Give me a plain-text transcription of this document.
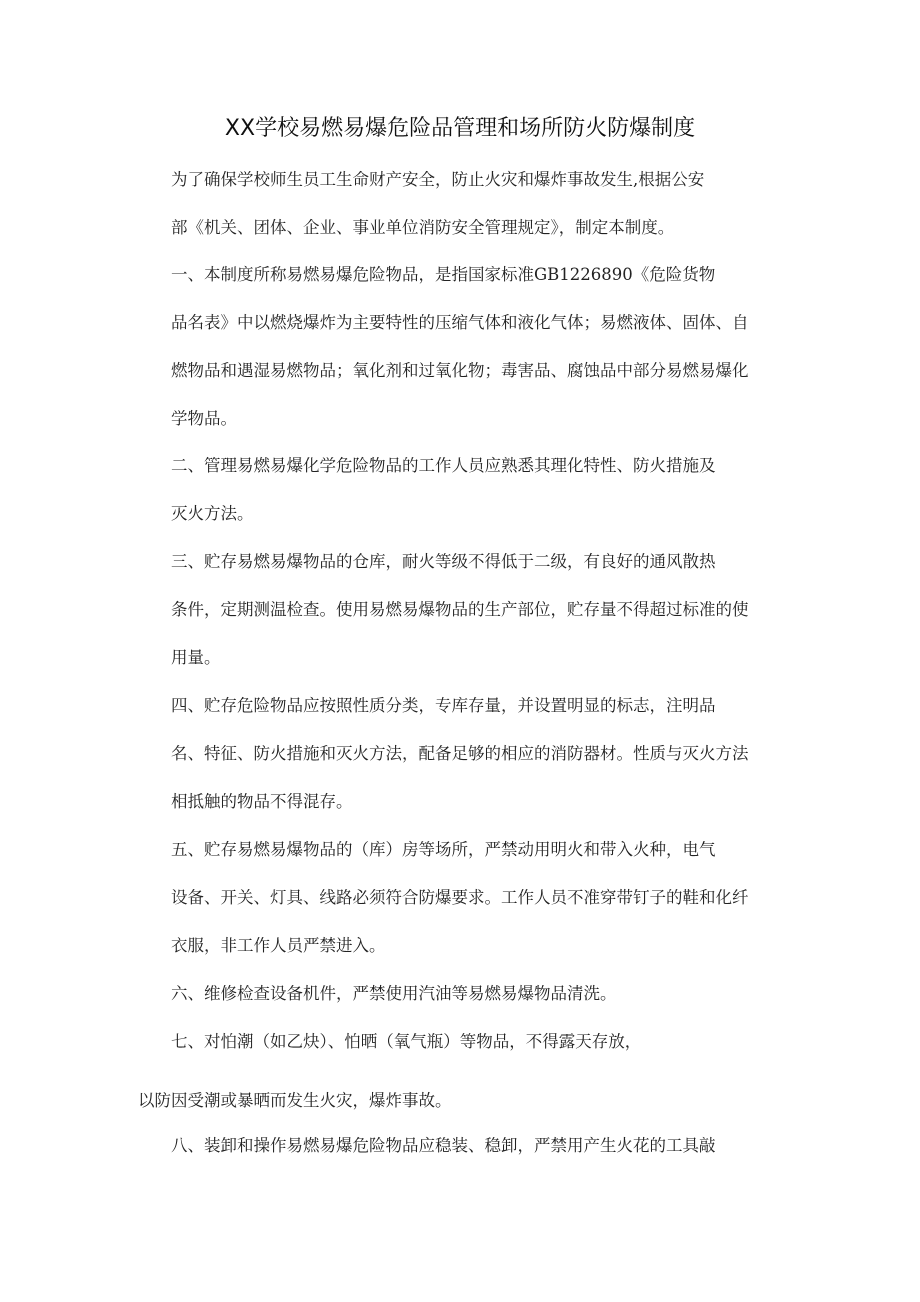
XX学校易燃易爆危险品管理和场所防火防爆制度
为了确保学校师生员工生命财产安全，防止火灾和爆炸事故发生,根据公安
部《机关、团体、企业、事业单位消防安全管理规定》，制定本制度。
一、本制度所称易燃易爆危险物品，是指国家标准GB1226890《危险货物
品名表》中以燃烧爆炸为主要特性的压缩气体和液化气体；易燃液体、固体、自
燃物品和遇湿易燃物品；氧化剂和过氧化物；毒害品、腐蚀品中部分易燃易爆化
学物品。
二、管理易燃易爆化学危险物品的工作人员应熟悉其理化特性、防火措施及
灭火方法。
三、贮存易燃易爆物品的仓库，耐火等级不得低于二级，有良好的通风散热
条件，定期测温检查。使用易燃易爆物品的生产部位，贮存量不得超过标准的使
用量。
四、贮存危险物品应按照性质分类，专库存量，并设置明显的标志，注明品
名、特征、防火措施和灭火方法，配备足够的相应的消防器材。性质与灭火方法
相抵触的物品不得混存。
五、贮存易燃易爆物品的（库）房等场所，严禁动用明火和带入火种，电气
设备、开关、灯具、线路必须符合防爆要求。工作人员不准穿带钉子的鞋和化纤
衣服，非工作人员严禁进入。
六、维修检查设备机件，严禁使用汽油等易燃易爆物品清洗。
七、对怕潮（如乙炔）、怕晒（氧气瓶）等物品，不得露天存放，
以防因受潮或暴晒而发生火灾，爆炸事故。
八、装卸和操作易燃易爆危险物品应稳装、稳卸，严禁用产生火花的工具敲
